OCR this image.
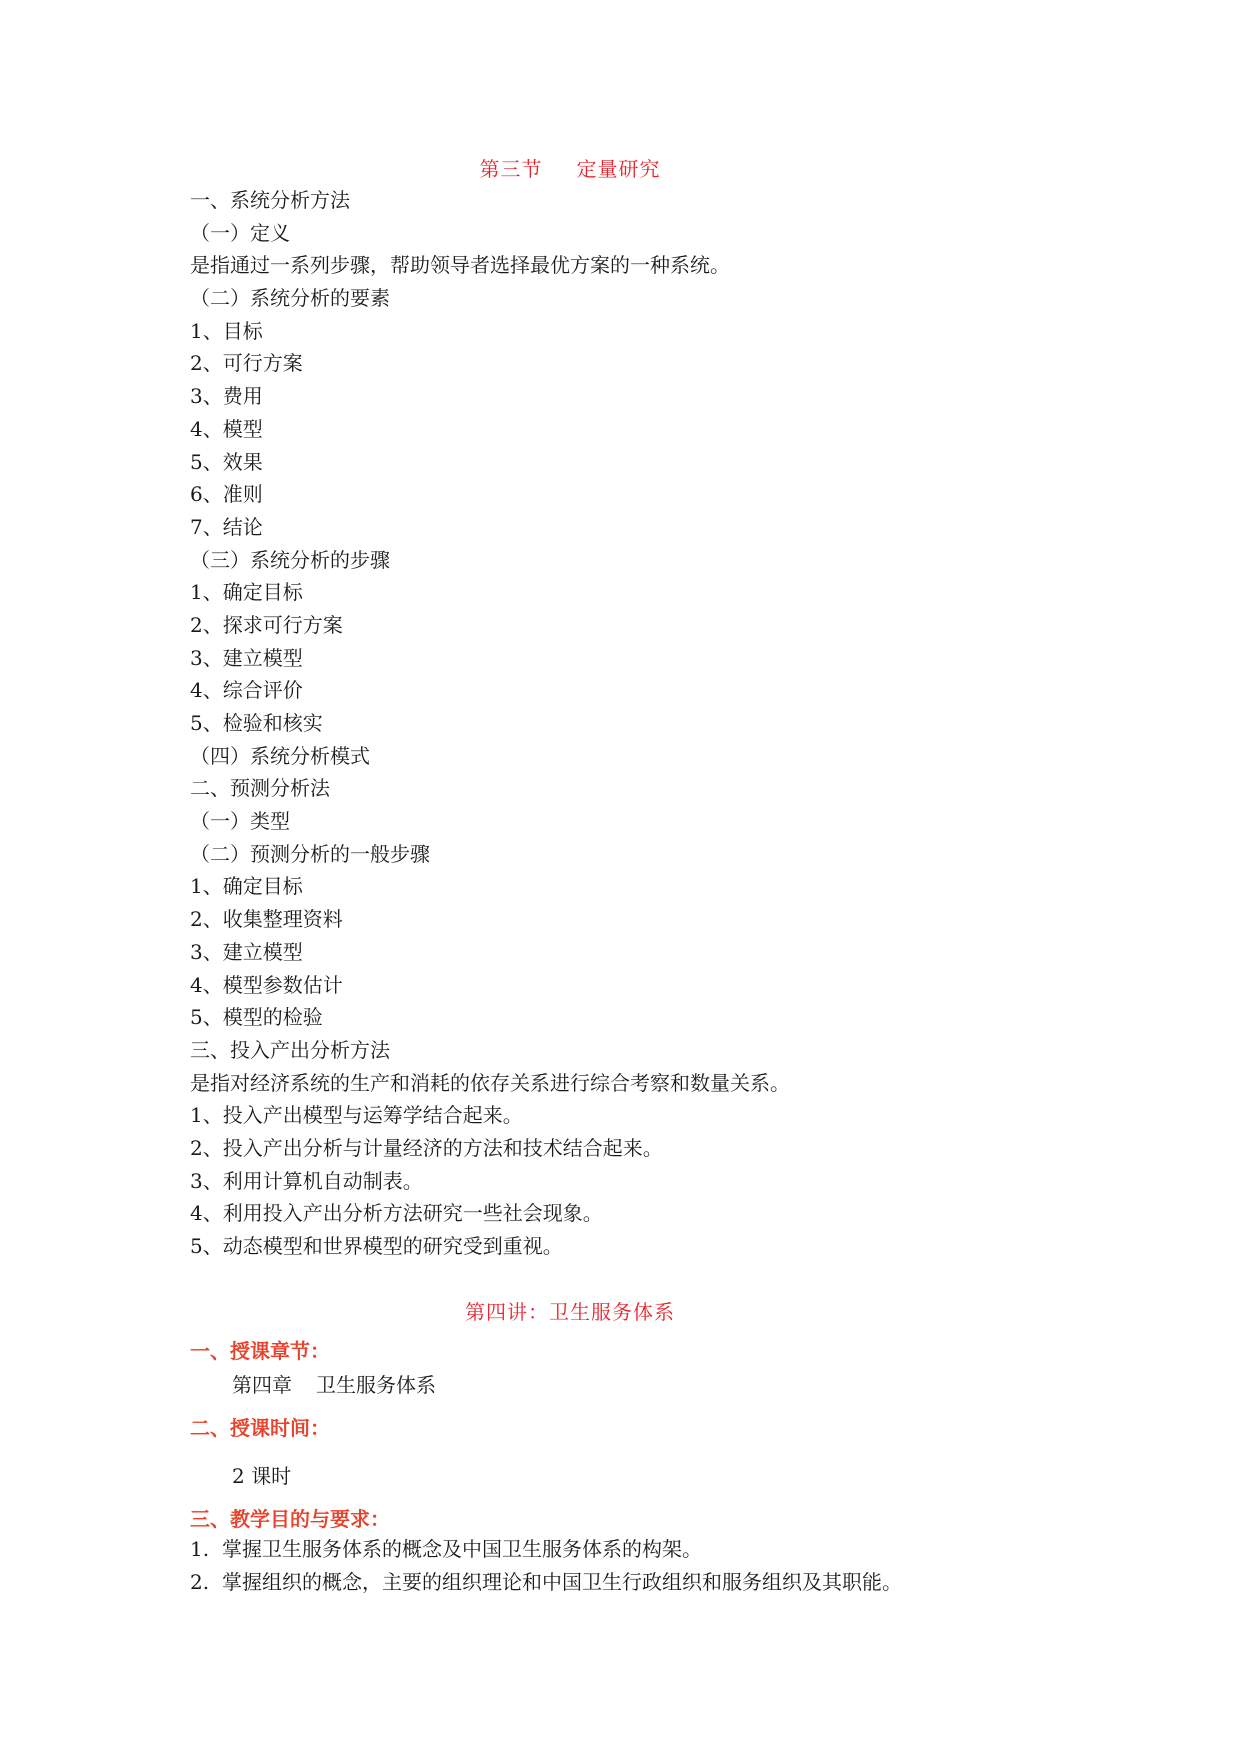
第三节 定量研究
一、系统分析方法
（一）定义
是指通过一系列步骤，帮助领导者选择最优方案的一种系统。
（二）系统分析的要素
1、目标
2、可行方案
3、费用
4、模型
5、效果
6、准则
7、结论
（三）系统分析的步骤
1、确定目标
2、探求可行方案
3、建立模型
4、综合评价
5、检验和核实
（四）系统分析模式
二、预测分析法
（一）类型
（二）预测分析的一般步骤
1、确定目标
2、收集整理资料
3、建立模型
4、模型参数估计
5、模型的检验
三、投入产出分析方法
是指对经济系统的生产和消耗的依存关系进行综合考察和数量关系。
1、投入产出模型与运筹学结合起来。
2、投入产出分析与计量经济的方法和技术结合起来。
3、利用计算机自动制表。
4、利用投入产出分析方法研究一些社会现象。
5、动态模型和世界模型的研究受到重视。
第四讲：卫生服务体系
一、授课章节：
第四章 卫生服务体系
二、授课时间：
2 课时
三、教学目的与要求：
1. 掌握卫生服务体系的概念及中国卫生服务体系的构架。
2. 掌握组织的概念，主要的组织理论和中国卫生行政组织和服务组织及其职能。
